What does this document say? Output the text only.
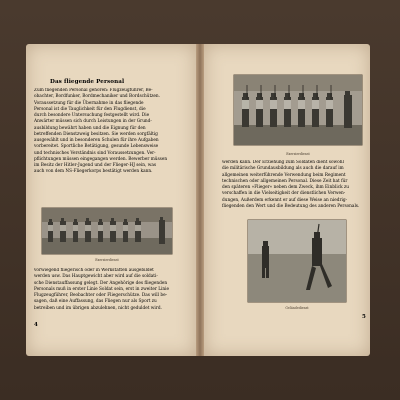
Das fliegende Personal

Zum fliegenden Personal gehören: Flugzeugführer, Be-

obachter, Bordfunker, Bordmechaniker und Bordschützen.

Voraussetzung für die Übernahme in das fliegende

Personal ist die Tauglichkeit für den Flugdienst, die

durch besondere Untersuchung festgestellt wird. Die

Anwärter müssen sich durch Leistungen in der Grund-

ausbildung bewährt haben und die Eignung für den

betreffenden Dienstzweig besitzen. Sie werden sorgfältig

ausgewählt und in besonderen Schulen für ihre Aufgaben

vorbereitet. Sportliche Betätigung, gesunde Lebensweise

und technisches Verständnis sind Voraussetzungen. Ver-

pflichtungen müssen eingegangen werden. Bewerber müssen

im Besitz der Hitler-Jugend und der Flieger-HJ sein, was

auch von dem NS-Fliegerkorps bestätigt werden kann.

Exerzierdienst

vorwiegend fliegerisch oder in Werkstätten ausgebildet

werden usw. Das Hauptgewicht aber wird auf die soldati-

sche Dienstauffassung gelegt. Der Angehörige des fliegenden

Personals muß in erster Linie Soldat sein, erst in zweiter Linie

Flugzeugführer, Beobachter oder Fliegerschütze. Das will be-

sagen, daß eine Auffassung, das Fliegen nur als Sport zu

betreiben und im übrigen abzulehnen, nicht geduldet wird.

4
Exerzierdienst

werden kann. Der Erziehung zum Soldaten dient sowohl

die militärische Grundausbildung als auch die darauf im

allgemeinen weiterführende Verwendung beim Regiment

technischen oder allgemeinen Personal. Diese Zeit hat für

den späteren »Flieger« neben dem Zweck, ihm Einblick zu

verschaffen in die Vielseitigkeit der dienstlichen Verwen-

dungen, Außerdem erkennt er auf diese Weise an niedrig-

fliegenden den Wert und die Bedeutung des anderen Personals.

Geländedienst
5
